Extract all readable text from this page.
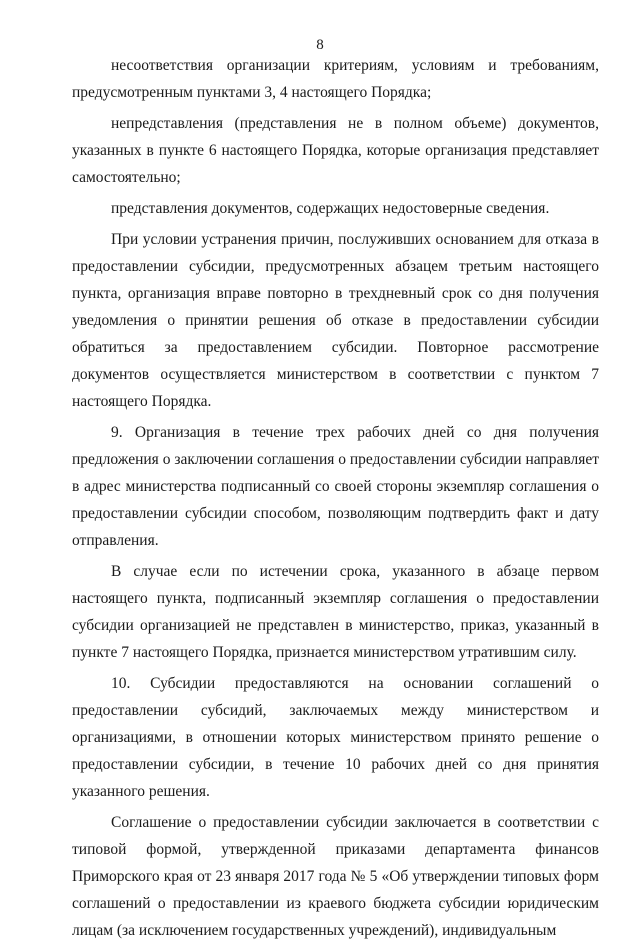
8

несоответствия организации критериям, условиям и требованиям, предусмотренным пунктами 3, 4 настоящего Порядка;

непредставления (представления не в полном объеме) документов, указанных в пункте 6 настоящего Порядка, которые организация представляет самостоятельно;

представления документов, содержащих недостоверные сведения.

При условии устранения причин, послуживших основанием для отказа в предоставлении субсидии, предусмотренных абзацем третьим настоящего пункта, организация вправе повторно в трехдневный срок со дня получения уведомления о принятии решения об отказе в предоставлении субсидии обратиться за предоставлением субсидии. Повторное рассмотрение документов осуществляется министерством в соответствии с пунктом 7 настоящего Порядка.

9. Организация в течение трех рабочих дней со дня получения предложения о заключении соглашения о предоставлении субсидии направляет в адрес министерства подписанный со своей стороны экземпляр соглашения о предоставлении субсидии способом, позволяющим подтвердить факт и дату отправления.

В случае если по истечении срока, указанного в абзаце первом настоящего пункта, подписанный экземпляр соглашения о предоставлении субсидии организацией не представлен в министерство, приказ, указанный в пункте 7 настоящего Порядка, признается министерством утратившим силу.

10. Субсидии предоставляются на основании соглашений о предоставлении субсидий, заключаемых между министерством и организациями, в отношении которых министерством принято решение о предоставлении субсидии, в течение 10 рабочих дней со дня принятия указанного решения.

Соглашение о предоставлении субсидии заключается в соответствии с типовой формой, утвержденной приказами департамента финансов Приморского края от 23 января 2017 года № 5 «Об утверждении типовых форм соглашений о предоставлении из краевого бюджета субсидии юридическим лицам (за исключением государственных учреждений), индивидуальным
